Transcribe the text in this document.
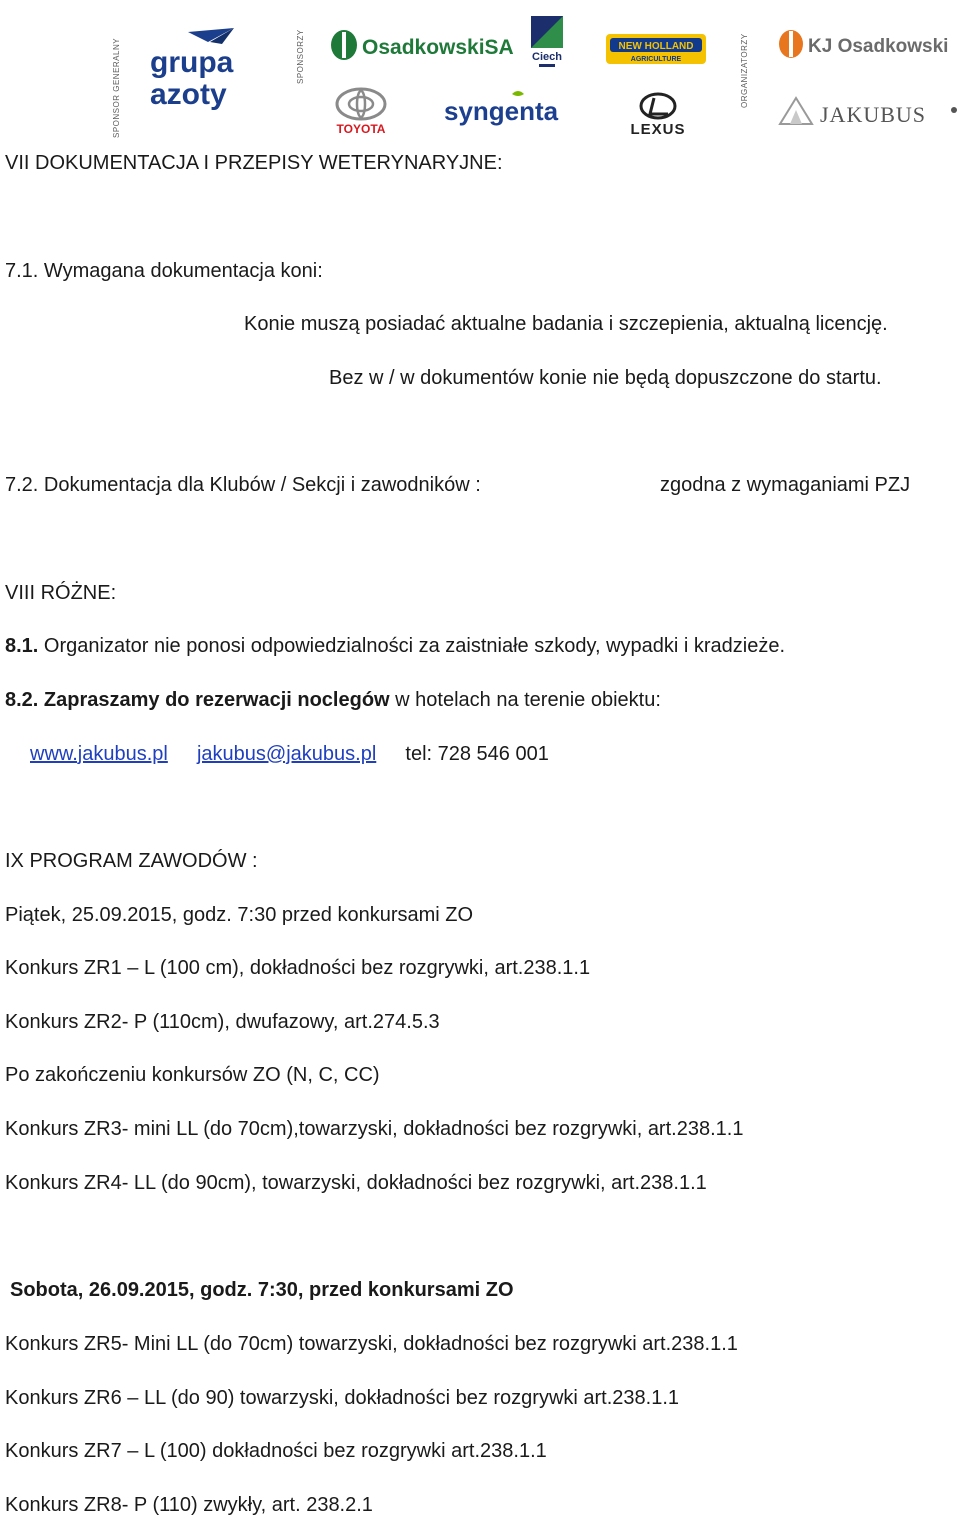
SPONSOR GENERALNY grupa
azoty
SPONSORZY	OsadkowskiSA
TOYOTA
syngenta
Ciech
NEW HOLLAND
AGRICULTURE
LEXUS
ORGANIZATORZY	KJ Osadkowski
JAKUBUS
VII DOKUMENTACJA I PRZEPISY WETERYNARYJNE:
7.1. Wymagana dokumentacja koni:
Konie muszą posiadać aktualne badania i szczepienia, aktualną licencję.
Bez w / w dokumentów konie nie będą dopuszczone do startu.
7.2. Dokumentacja dla Klubów / Sekcji i zawodników :	zgodna z wymaganiami PZJ
VIII RÓŻNE:
8.1. Organizator nie ponosi odpowiedzialności za zaistniałe szkody, wypadki i kradzieże.
8.2. Zapraszamy do rezerwacji noclegów w hotelach na terenie obiektu:
www.jakubus.pl jakubus@jakubus.pl tel: 728 546 001
IX PROGRAM ZAWODÓW :
Piątek, 25.09.2015, godz. 7:30 przed konkursami ZO
Konkurs ZR1 – L (100 cm), dokładności bez rozgrywki, art.238.1.1
Konkurs ZR2- P (110cm), dwufazowy, art.274.5.3
Po zakończeniu konkursów ZO (N, C, CC)
Konkurs ZR3- mini LL (do 70cm),towarzyski, dokładności bez rozgrywki, art.238.1.1
Konkurs ZR4- LL (do 90cm), towarzyski, dokładności bez rozgrywki, art.238.1.1
Sobota, 26.09.2015, godz. 7:30, przed konkursami ZO
Konkurs ZR5- Mini LL (do 70cm) towarzyski, dokładności bez rozgrywki art.238.1.1
Konkurs ZR6 – LL (do 90) towarzyski, dokładności bez rozgrywki art.238.1.1
Konkurs ZR7 – L (100) dokładności bez rozgrywki art.238.1.1
Konkurs ZR8- P (110) zwykły, art. 238.2.1
